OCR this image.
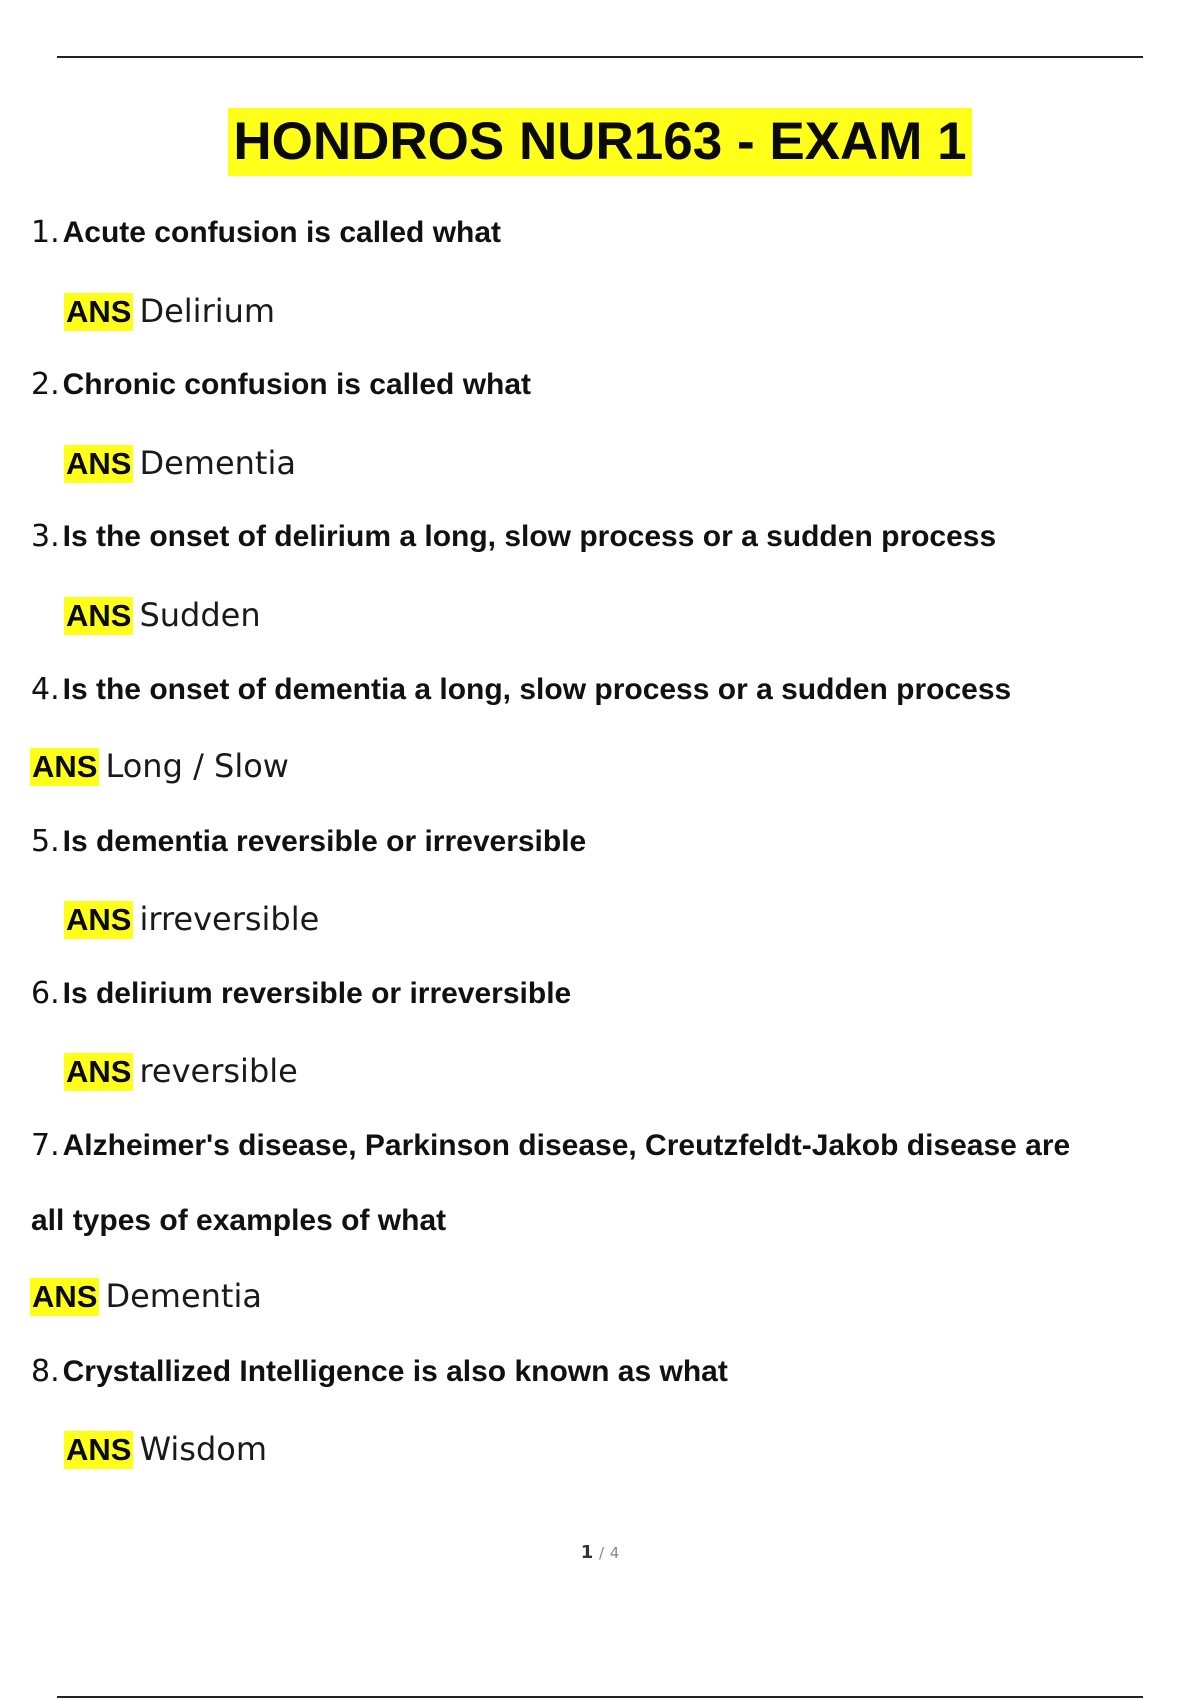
HONDROS NUR163 - EXAM 1
1. Acute confusion is called what
ANS Delirium
2. Chronic confusion is called what
ANS Dementia
3. Is the onset of delirium a long, slow process or a sudden process
ANS Sudden
4. Is the onset of dementia a long, slow process or a sudden process
ANS Long / Slow
5. Is dementia reversible or irreversible
ANS irreversible
6. Is delirium reversible or irreversible
ANS reversible
7. Alzheimer's disease, Parkinson disease, Creutzfeldt-Jakob disease are
all types of examples of what
ANS Dementia
8. Crystallized Intelligence is also known as what
ANS Wisdom
1 / 4
